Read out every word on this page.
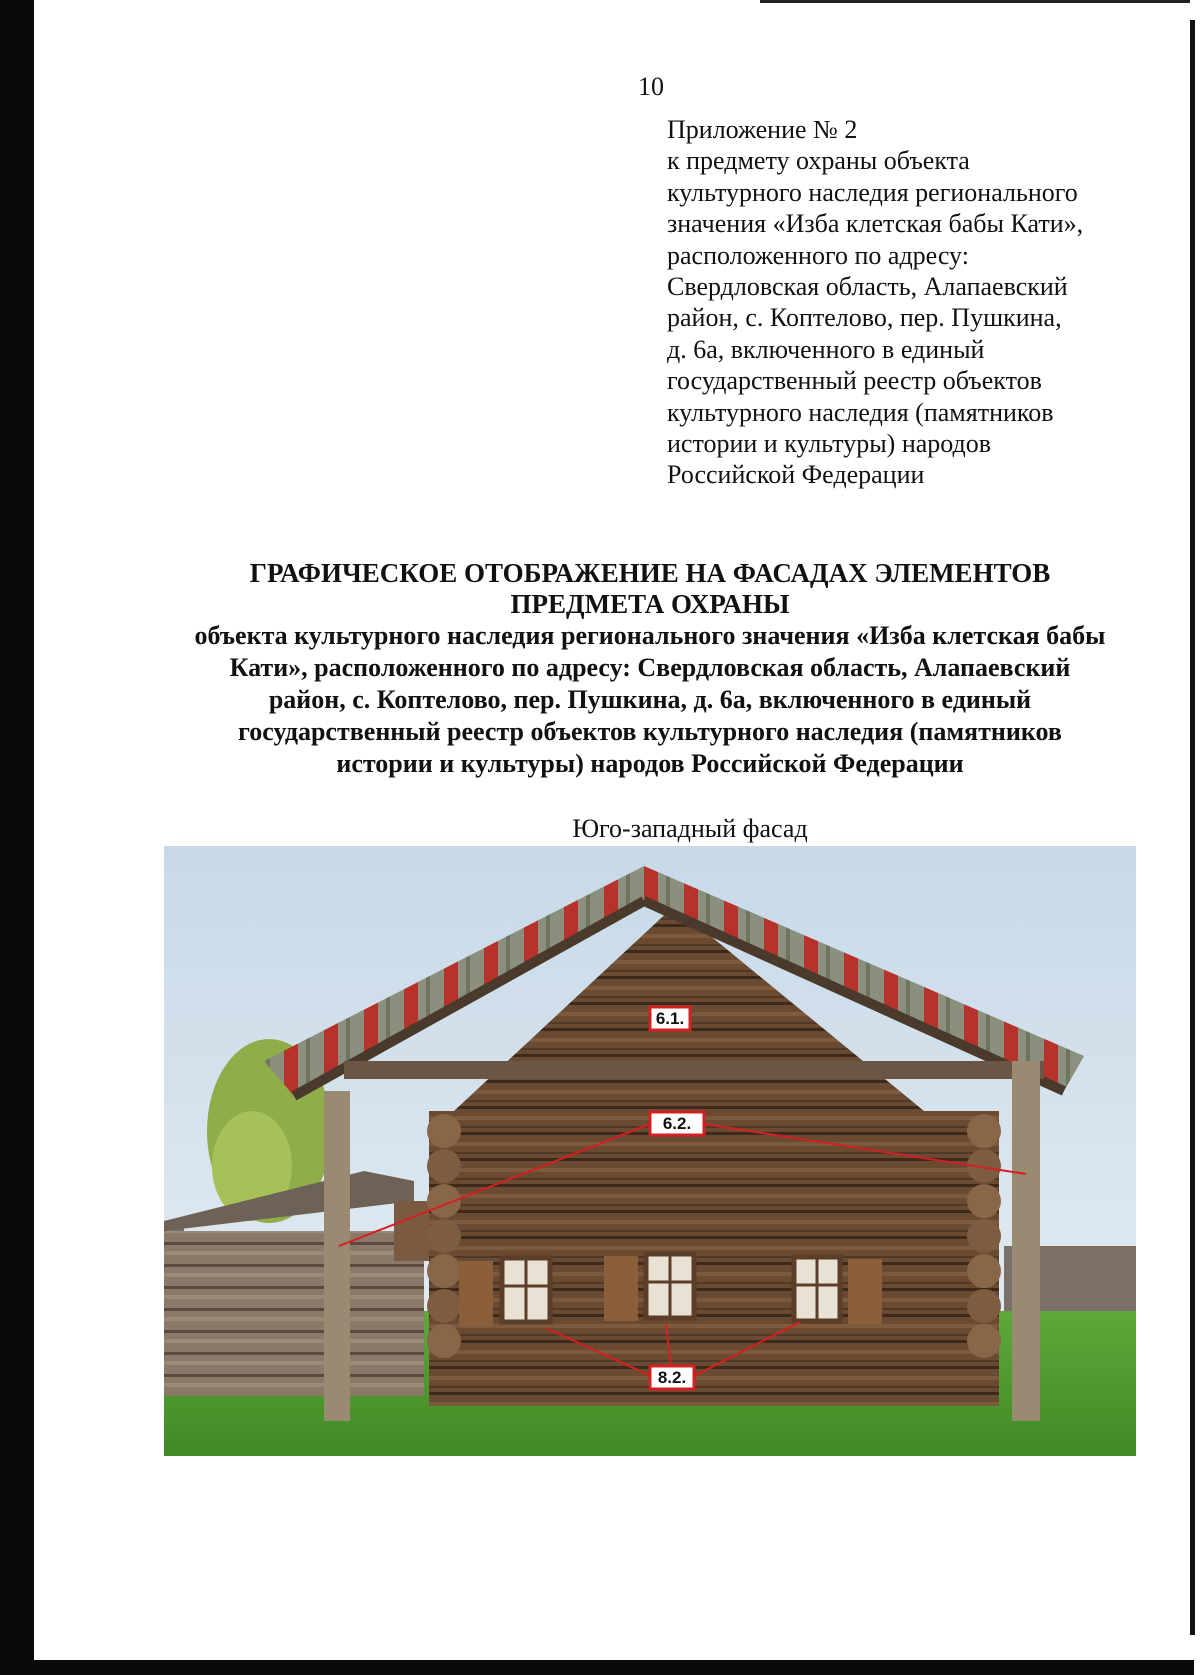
10
Приложение № 2
к предмету охраны объекта
культурного наследия регионального
значения «Изба клетская бабы Кати»,
расположенного по адресу:
Свердловская область, Алапаевский
район, с. Коптелово, пер. Пушкина,
д. 6а, включенного в единый
государственный реестр объектов
культурного наследия (памятников
истории и культуры) народов
Российской Федерации
ГРАФИЧЕСКОЕ ОТОБРАЖЕНИЕ НА ФАСАДАХ ЭЛЕМЕНТОВ
ПРЕДМЕТА ОХРАНЫ
объекта культурного наследия регионального значения «Изба клетская бабы
Кати», расположенного по адресу: Свердловская область, Алапаевский
район, с. Коптелово, пер. Пушкина, д. 6а, включенного в единый
государственный реестр объектов культурного наследия (памятников
истории и культуры) народов Российской Федерации
Юго-западный фасад
6.1.
6.2.
8.2.
